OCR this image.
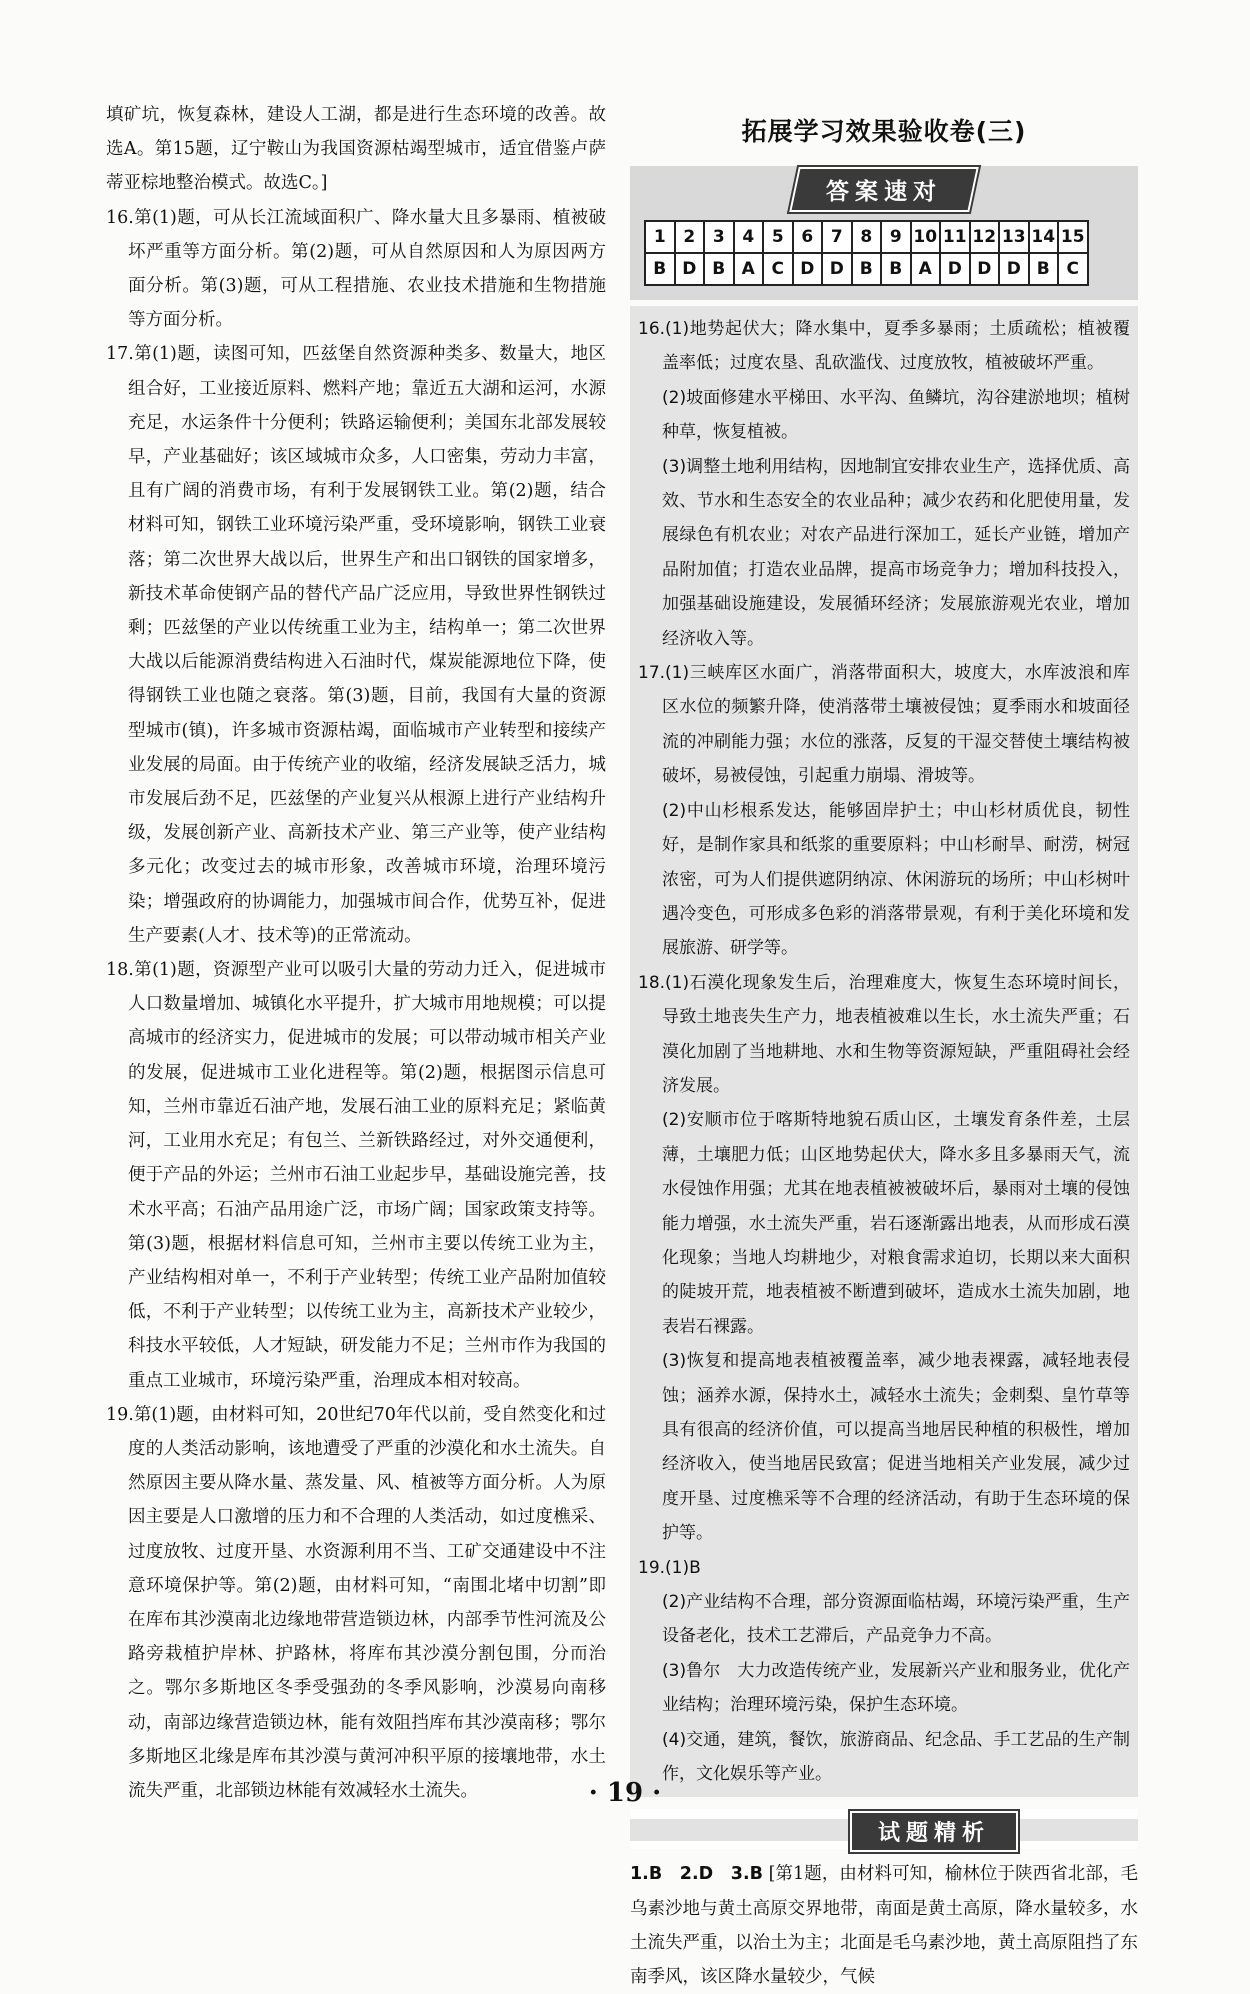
填矿坑，恢复森林，建设人工湖，都是进行生态环境的改善。故选A。第15题，辽宁鞍山为我国资源枯竭型城市，适宜借鉴卢萨蒂亚棕地整治模式。故选C。]

16.第(1)题，可从长江流域面积广、降水量大且多暴雨、植被破坏严重等方面分析。第(2)题，可从自然原因和人为原因两方面分析。第(3)题，可从工程措施、农业技术措施和生物措施等方面分析。

17.第(1)题，读图可知，匹兹堡自然资源种类多、数量大，地区组合好，工业接近原料、燃料产地；靠近五大湖和运河，水源充足，水运条件十分便利；铁路运输便利；美国东北部发展较早，产业基础好；该区域城市众多，人口密集，劳动力丰富，且有广阔的消费市场，有利于发展钢铁工业。第(2)题，结合材料可知，钢铁工业环境污染严重，受环境影响，钢铁工业衰落；第二次世界大战以后，世界生产和出口钢铁的国家增多，新技术革命使钢产品的替代产品广泛应用，导致世界性钢铁过剩；匹兹堡的产业以传统重工业为主，结构单一；第二次世界大战以后能源消费结构进入石油时代，煤炭能源地位下降，使得钢铁工业也随之衰落。第(3)题，目前，我国有大量的资源型城市(镇)，许多城市资源枯竭，面临城市产业转型和接续产业发展的局面。由于传统产业的收缩，经济发展缺乏活力，城市发展后劲不足，匹兹堡的产业复兴从根源上进行产业结构升级，发展创新产业、高新技术产业、第三产业等，使产业结构多元化；改变过去的城市形象，改善城市环境，治理环境污染；增强政府的协调能力，加强城市间合作，优势互补，促进生产要素(人才、技术等)的正常流动。

18.第(1)题，资源型产业可以吸引大量的劳动力迁入，促进城市人口数量增加、城镇化水平提升，扩大城市用地规模；可以提高城市的经济实力，促进城市的发展；可以带动城市相关产业的发展，促进城市工业化进程等。第(2)题，根据图示信息可知，兰州市靠近石油产地，发展石油工业的原料充足；紧临黄河，工业用水充足；有包兰、兰新铁路经过，对外交通便利，便于产品的外运；兰州市石油工业起步早，基础设施完善，技术水平高；石油产品用途广泛，市场广阔；国家政策支持等。第(3)题，根据材料信息可知，兰州市主要以传统工业为主，产业结构相对单一，不利于产业转型；传统工业产品附加值较低，不利于产业转型；以传统工业为主，高新技术产业较少，科技水平较低，人才短缺，研发能力不足；兰州市作为我国的重点工业城市，环境污染严重，治理成本相对较高。

19.第(1)题，由材料可知，20世纪70年代以前，受自然变化和过度的人类活动影响，该地遭受了严重的沙漠化和水土流失。自然原因主要从降水量、蒸发量、风、植被等方面分析。人为原因主要是人口激增的压力和不合理的人类活动，如过度樵采、过度放牧、过度开垦、水资源利用不当、工矿交通建设中不注意环境保护等。第(2)题，由材料可知，“南围北堵中切割”即在库布其沙漠南北边缘地带营造锁边林，内部季节性河流及公路旁栽植护岸林、护路林，将库布其沙漠分割包围，分而治之。鄂尔多斯地区冬季受强劲的冬季风影响，沙漠易向南移动，南部边缘营造锁边林，能有效阻挡库布其沙漠南移；鄂尔多斯地区北缘是库布其沙漠与黄河冲积平原的接壤地带，水土流失严重，北部锁边林能有效减轻水土流失。

拓展学习效果验收卷(三)
答案速对
1	2	3	4	5	6	7	8	9	10	11	12	13	14	15
B	D	B	A	C	D	D	B	B	A	D	D	D	B	C

16.(1)地势起伏大；降水集中，夏季多暴雨；土质疏松；植被覆盖率低；过度农垦、乱砍滥伐、过度放牧，植被破坏严重。

(2)坡面修建水平梯田、水平沟、鱼鳞坑，沟谷建淤地坝；植树种草，恢复植被。

(3)调整土地利用结构，因地制宜安排农业生产，选择优质、高效、节水和生态安全的农业品种；减少农药和化肥使用量，发展绿色有机农业；对农产品进行深加工，延长产业链，增加产品附加值；打造农业品牌，提高市场竞争力；增加科技投入，加强基础设施建设，发展循环经济；发展旅游观光农业，增加经济收入等。

17.(1)三峡库区水面广，消落带面积大，坡度大，水库波浪和库区水位的频繁升降，使消落带土壤被侵蚀；夏季雨水和坡面径流的冲刷能力强；水位的涨落，反复的干湿交替使土壤结构被破坏，易被侵蚀，引起重力崩塌、滑坡等。

(2)中山杉根系发达，能够固岸护土；中山杉材质优良，韧性好，是制作家具和纸浆的重要原料；中山杉耐旱、耐涝，树冠浓密，可为人们提供遮阴纳凉、休闲游玩的场所；中山杉树叶遇冷变色，可形成多色彩的消落带景观，有利于美化环境和发展旅游、研学等。

18.(1)石漠化现象发生后，治理难度大，恢复生态环境时间长，导致土地丧失生产力，地表植被难以生长，水土流失严重；石漠化加剧了当地耕地、水和生物等资源短缺，严重阻碍社会经济发展。

(2)安顺市位于喀斯特地貌石质山区，土壤发育条件差，土层薄，土壤肥力低；山区地势起伏大，降水多且多暴雨天气，流水侵蚀作用强；尤其在地表植被被破坏后，暴雨对土壤的侵蚀能力增强，水土流失严重，岩石逐渐露出地表，从而形成石漠化现象；当地人均耕地少，对粮食需求迫切，长期以来大面积的陡坡开荒，地表植被不断遭到破坏，造成水土流失加剧，地表岩石裸露。

(3)恢复和提高地表植被覆盖率，减少地表裸露，减轻地表侵蚀；涵养水源，保持水土，减轻水土流失；金刺梨、皇竹草等具有很高的经济价值，可以提高当地居民种植的积极性，增加经济收入，使当地居民致富；促进当地相关产业发展，减少过度开垦、过度樵采等不合理的经济活动，有助于生态环境的保护等。

19.(1)B

(2)产业结构不合理，部分资源面临枯竭，环境污染严重，生产设备老化，技术工艺滞后，产品竞争力不高。

(3)鲁尔　大力改造传统产业，发展新兴产业和服务业，优化产业结构；治理环境污染，保护生态环境。

(4)交通，建筑，餐饮，旅游商品、纪念品、手工艺品的生产制作，文化娱乐等产业。

试题精析

1.B　2.D　3.B [第1题，由材料可知，榆林位于陕西省北部，毛乌素沙地与黄土高原交界地带，南面是黄土高原，降水量较多，水土流失严重，以治土为主；北面是毛乌素沙地，黄土高原阻挡了东南季风，该区降水量较少，气候

· 19 ·
